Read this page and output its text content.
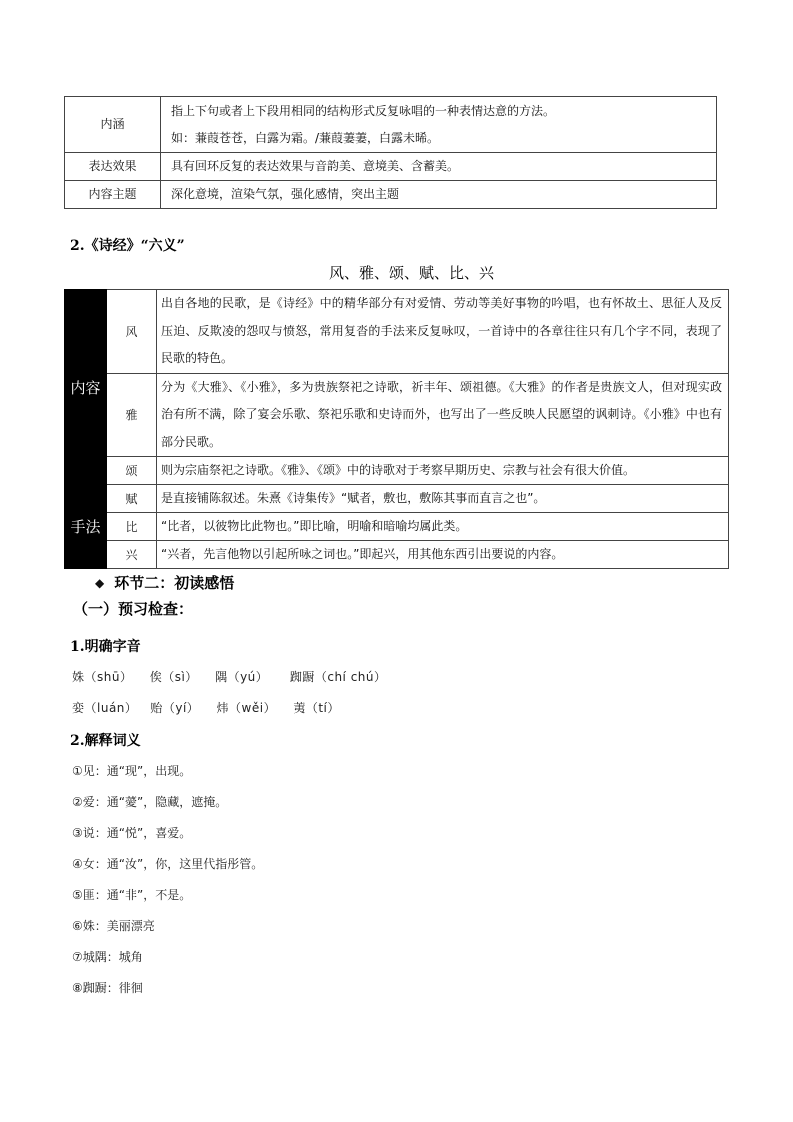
内涵	指上下句或者上下段用相同的结构形式反复咏唱的一种表情达意的方法。
如：蒹葭苍苍，白露为霜。/蒹葭萋萋，白露未晞。

表达效果	具有回环反复的表达效果与音韵美、意境美、含蓄美。
内容主题	深化意境，渲染气氛，强化感情，突出主题
2.《诗经》“六义”
风、雅、颂、赋、比、兴
内容	风	出自各地的民歌，是《诗经》中的精华部分有对爱情、劳动等美好事物的吟唱，也有怀故土、思征人及反压迫、反欺凌的怨叹与愤怒，常用复沓的手法来反复咏叹，一首诗中的各章往往只有几个字不同，表现了民歌的特色。
	雅	分为《大雅》、《小雅》，多为贵族祭祀之诗歌，祈丰年、颂祖德。《大雅》的作者是贵族文人，但对现实政治有所不满，除了宴会乐歌、祭祀乐歌和史诗而外，也写出了一些反映人民愿望的讽刺诗。《小雅》中也有部分民歌。
	颂	则为宗庙祭祀之诗歌。《雅》、《颂》中的诗歌对于考察早期历史、宗教与社会有很大价值。
手法	赋	是直接铺陈叙述。朱熹《诗集传》“赋者，敷也，敷陈其事而直言之也”。
	比	“比者，以彼物比此物也。”即比喻，明喻和暗喻均属此类。
	兴	“兴者，先言他物以引起所咏之词也。”即起兴，用其他东西引出要说的内容。
◆ 环节二：初读感悟
（一）预习检查：
1.明确字音
姝（shū）    俟（sì）    隅（yú）     踟蹰（chí chú）
娈（luán）   贻（yí）    炜（wěi）    荑（tí）
2.解释词义
①见：通“现”，出现。
②爱：通“薆”，隐藏，遮掩。
③说：通“悦”，喜爱。
④女：通“汝”，你，这里代指彤管。
⑤匪：通“非”，不是。
⑥姝：美丽漂亮
⑦城隅：城角
⑧踟蹰：徘徊
